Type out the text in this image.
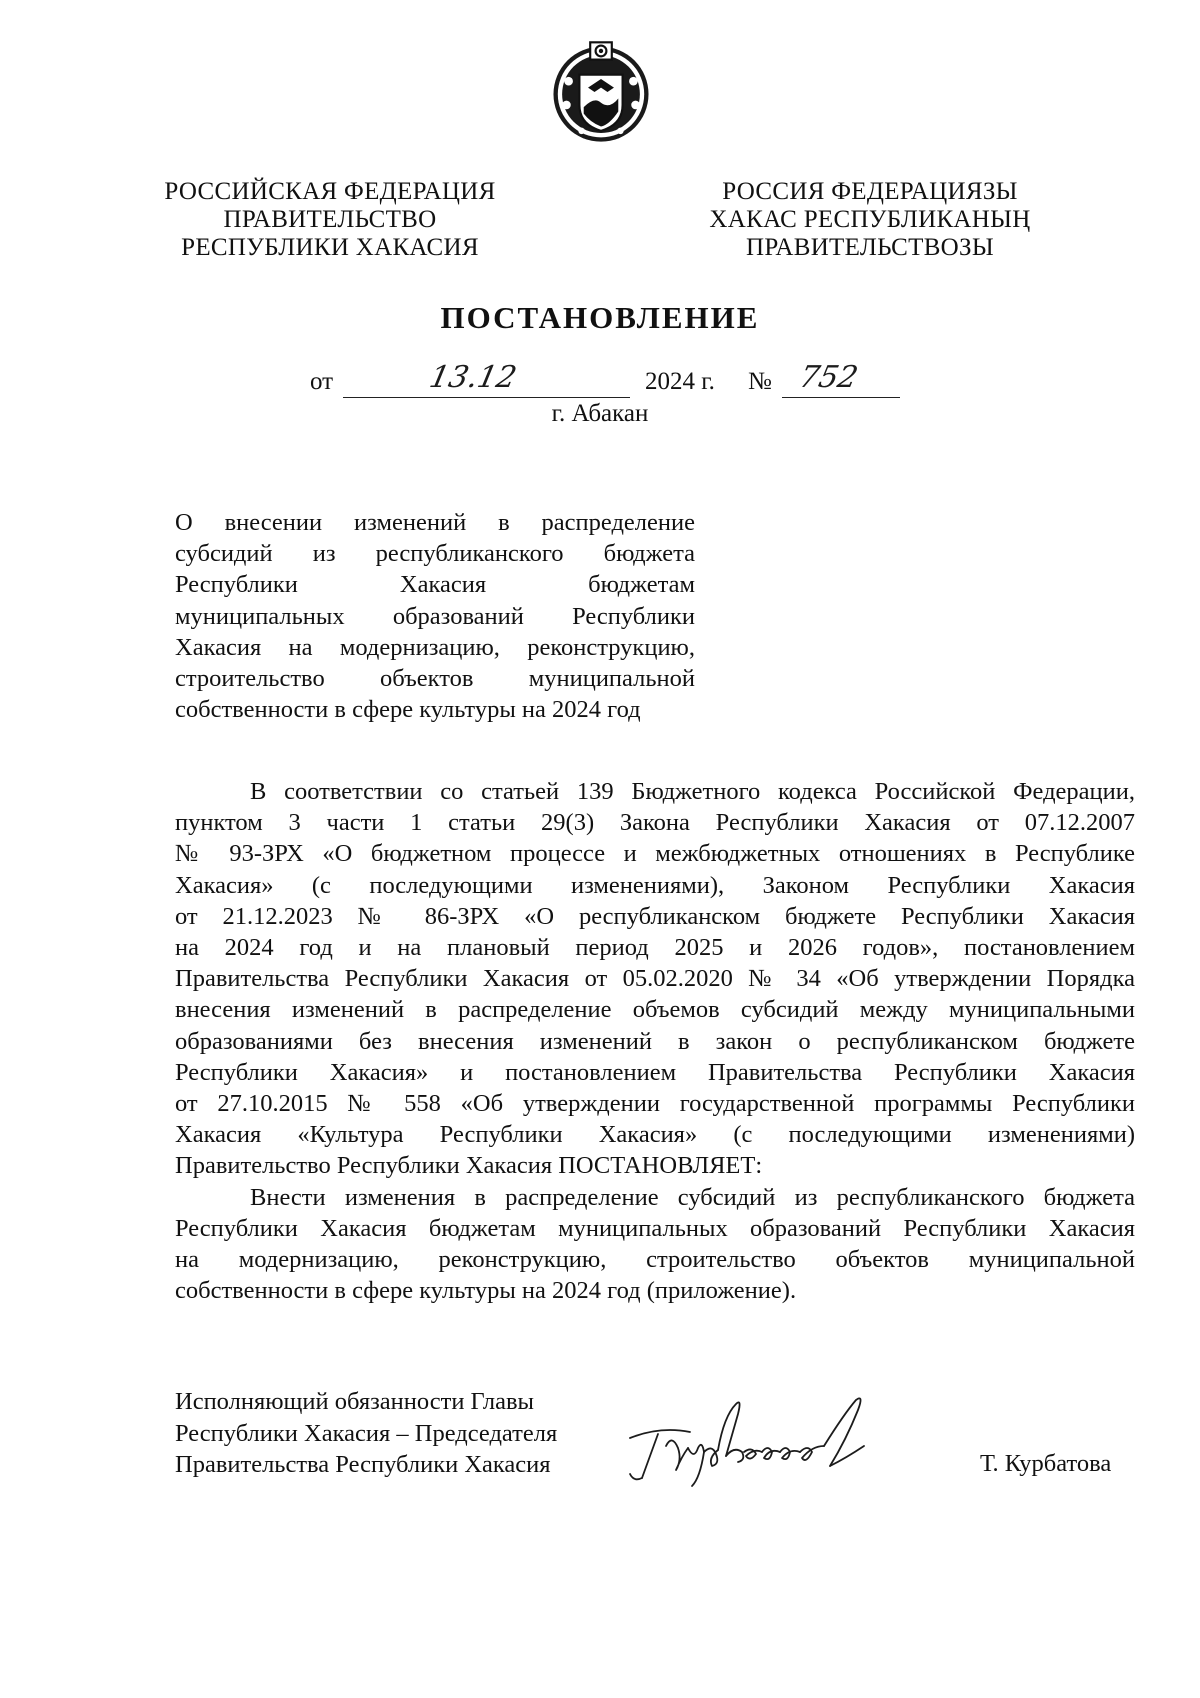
РОССИЙСКАЯ ФЕДЕРАЦИЯ
ПРАВИТЕЛЬСТВО
РЕСПУБЛИКИ ХАКАСИЯ
РОССИЯ ФЕДЕРАЦИЯЗЫ
ХАКАС РЕСПУБЛИКАНЫҢ
ПРАВИТЕЛЬСТВОЗЫ
ПОСТАНОВЛЕНИЕ
от	13.12	2024 г. № 752
г. Абакан
О внесении изменений в распределение
субсидий из республиканского бюджета
Республики Хакасия бюджетам
муниципальных образований Республики
Хакасия на модернизацию, реконструкцию,
строительство объектов муниципальной
собственности в сфере культуры на 2024 год
В соответствии со статьей 139 Бюджетного кодекса Российской Федерации,
пунктом 3 части 1 статьи 29(3) Закона Республики Хакасия от 07.12.2007
№ 93-ЗРХ «О бюджетном процессе и межбюджетных отношениях в Республике
Хакасия» (с последующими изменениями), Законом Республики Хакасия
от 21.12.2023 № 86-ЗРХ «О республиканском бюджете Республики Хакасия
на 2024 год и на плановый период 2025 и 2026 годов», постановлением
Правительства Республики Хакасия от 05.02.2020 № 34 «Об утверждении Порядка
внесения изменений в распределение объемов субсидий между муниципальными
образованиями без внесения изменений в закон о республиканском бюджете
Республики Хакасия» и постановлением Правительства Республики Хакасия
от 27.10.2015 № 558 «Об утверждении государственной программы Республики
Хакасия «Культура Республики Хакасия» (с последующими изменениями)
Правительство Республики Хакасия ПОСТАНОВЛЯЕТ:
Внести изменения в распределение субсидий из республиканского бюджета
Республики Хакасия бюджетам муниципальных образований Республики Хакасия
на модернизацию, реконструкцию, строительство объектов муниципальной
собственности в сфере культуры на 2024 год (приложение).
Исполняющий обязанности Главы
Республики Хакасия – Председателя
Правительства Республики Хакасия	Т. Курбатова
